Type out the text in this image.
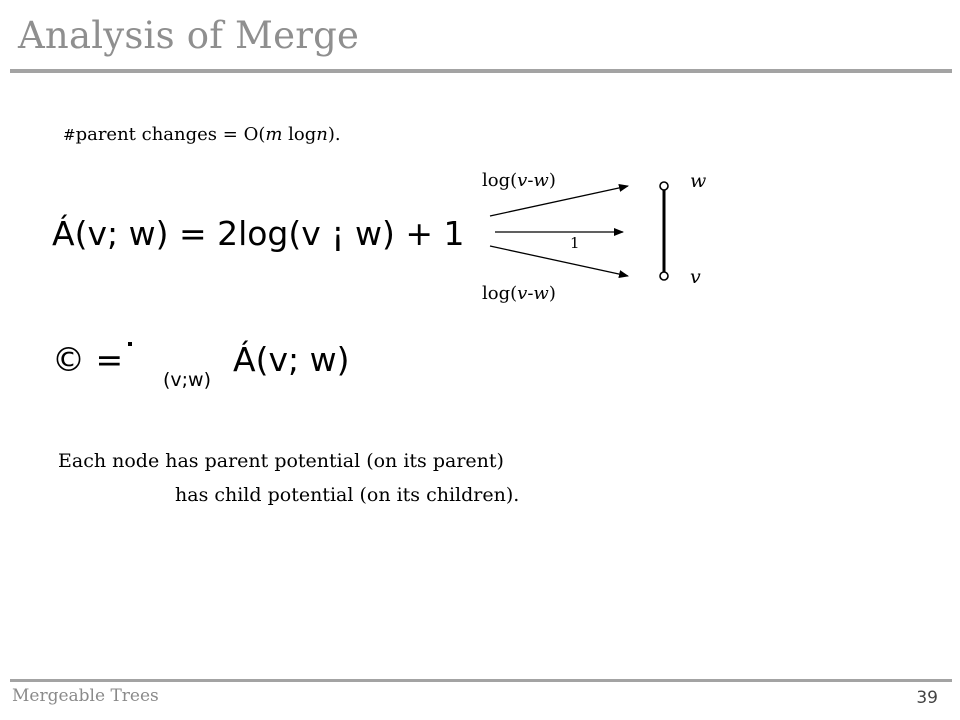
Analysis of Merge
#parent changes = O(m logn).
Á(v; w) = 2log(v ¡ w) + 1
© =
(v;w)
Á(v; w)
log(v-w)
1
log(v-w)
w
v
Each node has parent potential (on its parent)
has child potential (on its children).
Mergeable Trees	39
